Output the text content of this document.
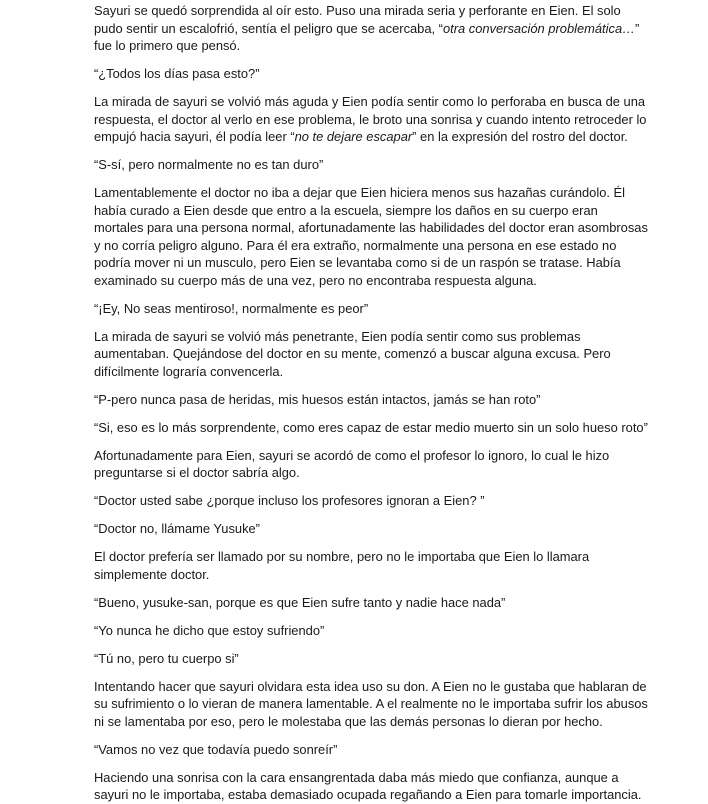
Sayuri se quedó sorprendida al oír esto. Puso una mirada seria y perforante en Eien. El solo pudo sentir un escalofrió, sentía el peligro que se acercaba, “otra conversación problemática…” fue lo primero que pensó.

“¿Todos los días pasa esto?”

La mirada de sayuri se volvió más aguda y Eien podía sentir como lo perforaba en busca de una respuesta, el doctor al verlo en ese problema, le broto una sonrisa y cuando intento retroceder lo empujó hacia sayuri, él podía leer “no te dejare escapar” en la expresión del rostro del doctor.

“S-sí, pero normalmente no es tan duro”

Lamentablemente el doctor no iba a dejar que Eien hiciera menos sus hazañas curándolo. Él había curado a Eien desde que entro a la escuela, siempre los daños en su cuerpo eran mortales para una persona normal, afortunadamente las habilidades del doctor eran asombrosas y no corría peligro alguno. Para él era extraño, normalmente una persona en ese estado no podría mover ni un musculo, pero Eien se levantaba como si de un raspón se tratase. Había examinado su cuerpo más de una vez, pero no encontraba respuesta alguna.

“¡Ey, No seas mentiroso!, normalmente es peor”

La mirada de sayuri se volvió más penetrante, Eien podía sentir como sus problemas aumentaban. Quejándose del doctor en su mente, comenzó a buscar alguna excusa. Pero difícilmente lograría convencerla.

“P-pero nunca pasa de heridas, mis huesos están intactos, jamás se han roto”

“Si, eso es lo más sorprendente, como eres capaz de estar medio muerto sin un solo hueso roto”

Afortunadamente para Eien, sayuri se acordó de como el profesor lo ignoro, lo cual le hizo preguntarse si el doctor sabría algo.

“Doctor usted sabe ¿porque incluso los profesores ignoran a Eien? ”

“Doctor no, llámame Yusuke”

El doctor prefería ser llamado por su nombre, pero no le importaba que Eien lo llamara simplemente doctor.

“Bueno, yusuke-san, porque es que Eien sufre tanto y nadie hace nada”

“Yo nunca he dicho que estoy sufriendo”

“Tú no, pero tu cuerpo si”

Intentando hacer que sayuri olvidara esta idea uso su don. A Eien no le gustaba que hablaran de su sufrimiento o lo vieran de manera lamentable. A el realmente no le importaba sufrir los abusos ni se lamentaba por eso, pero le molestaba que las demás personas lo dieran por hecho.

“Vamos no vez que todavía puedo sonreír”

Haciendo una sonrisa con la cara ensangrentada daba más miedo que confianza, aunque a sayuri no le importaba, estaba demasiado ocupada regañando a Eien para tomarle importancia.
